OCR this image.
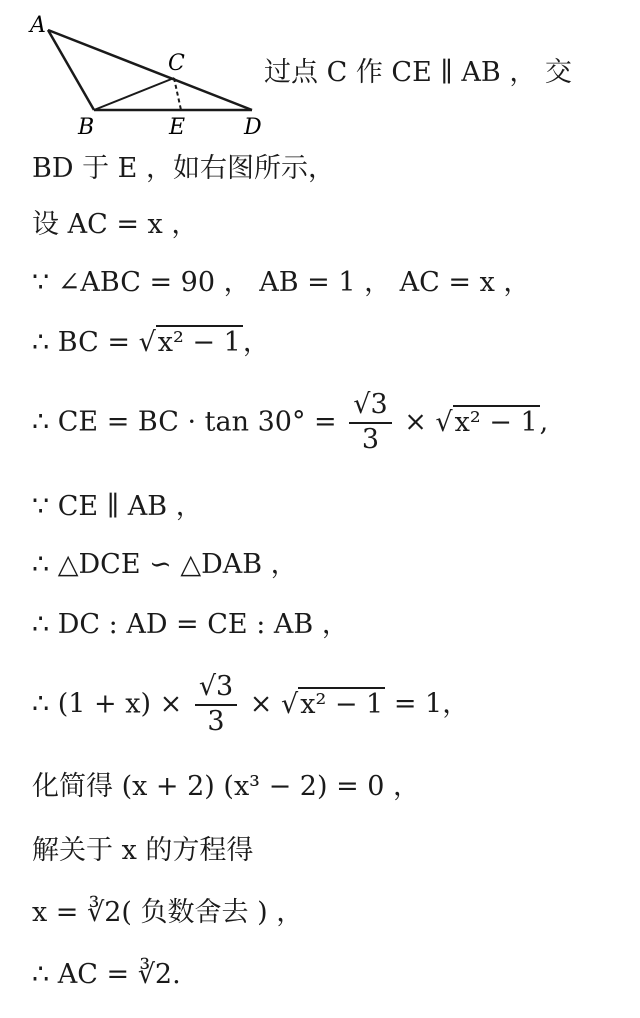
A
C
B	E	D
过点 C 作 CE ∥ AB ， 交
BD 于 E ，如右图所示，
设 AC = x ，
∵ ∠ABC = 90 ， AB = 1 ， AC = x ，
∴ BC = √x² − 1，
∴ CE = BC · $\tan 30^\circ = \frac{√3}{3} \times √x^2 - 1$,
∵ CE ∥ AB ，
∴ △DCE ∽ △DAB ，
∴ DC : AD = CE : AB ，
∴ $(1 + x) \times \frac{√3}{3} \times √x^2 - 1 = 1$，
化简得 (x + 2) (x³ − 2) = 0 ，
解关于 x 的方程得
x = ∛2( 负数舍去 ) ，
∴ AC = ∛2.
